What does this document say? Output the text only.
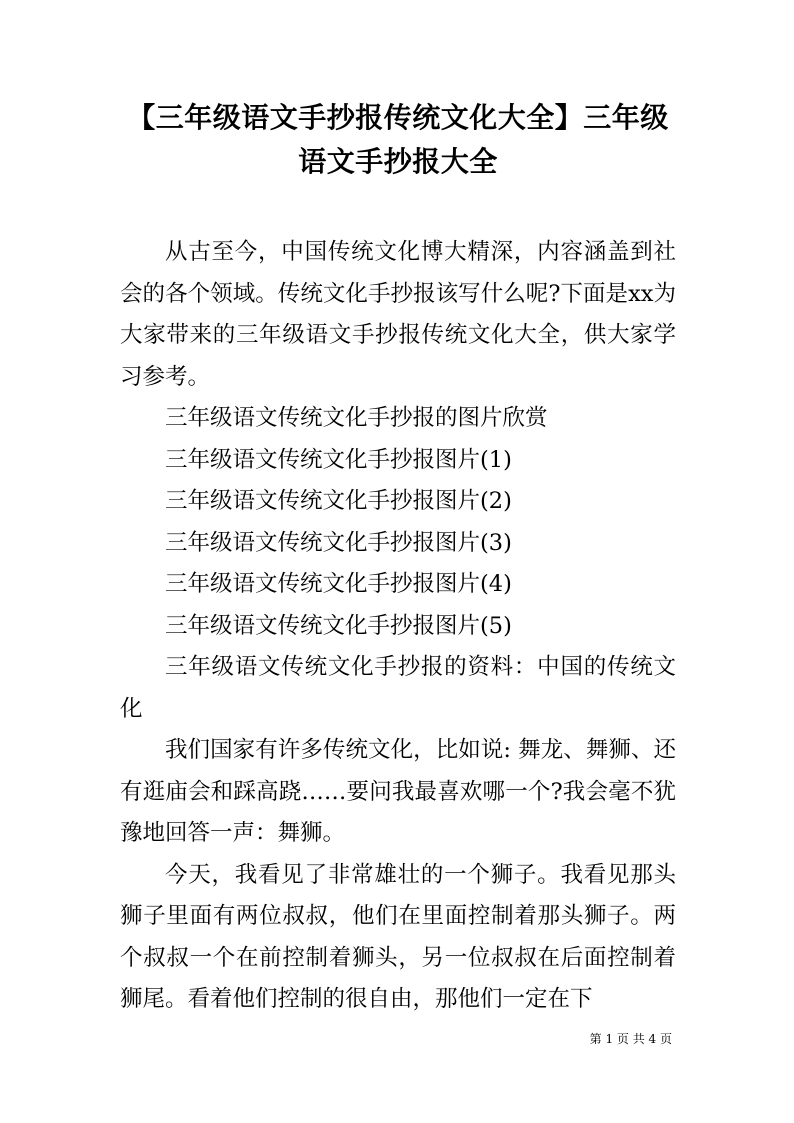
【三年级语文手抄报传统文化大全】三年级
语文手抄报大全

从古至今，中国传统文化博大精深，内容涵盖到社会的各个领域。传统文化手抄报该写什么呢?下面是xx为大家带来的三年级语文手抄报传统文化大全，供大家学习参考。

三年级语文传统文化手抄报的图片欣赏

三年级语文传统文化手抄报图片(1)

三年级语文传统文化手抄报图片(2)

三年级语文传统文化手抄报图片(3)

三年级语文传统文化手抄报图片(4)

三年级语文传统文化手抄报图片(5)

三年级语文传统文化手抄报的资料：中国的传统文化

我们国家有许多传统文化，比如说: 舞龙、舞狮、还有逛庙会和踩高跷……要问我最喜欢哪一个?我会毫不犹豫地回答一声：舞狮。

今天，我看见了非常雄壮的一个狮子。我看见那头狮子里面有两位叔叔，他们在里面控制着那头狮子。两个叔叔一个在前控制着狮头，另一位叔叔在后面控制着狮尾。看着他们控制的很自由，那他们一定在下

第 1 页 共 4 页
